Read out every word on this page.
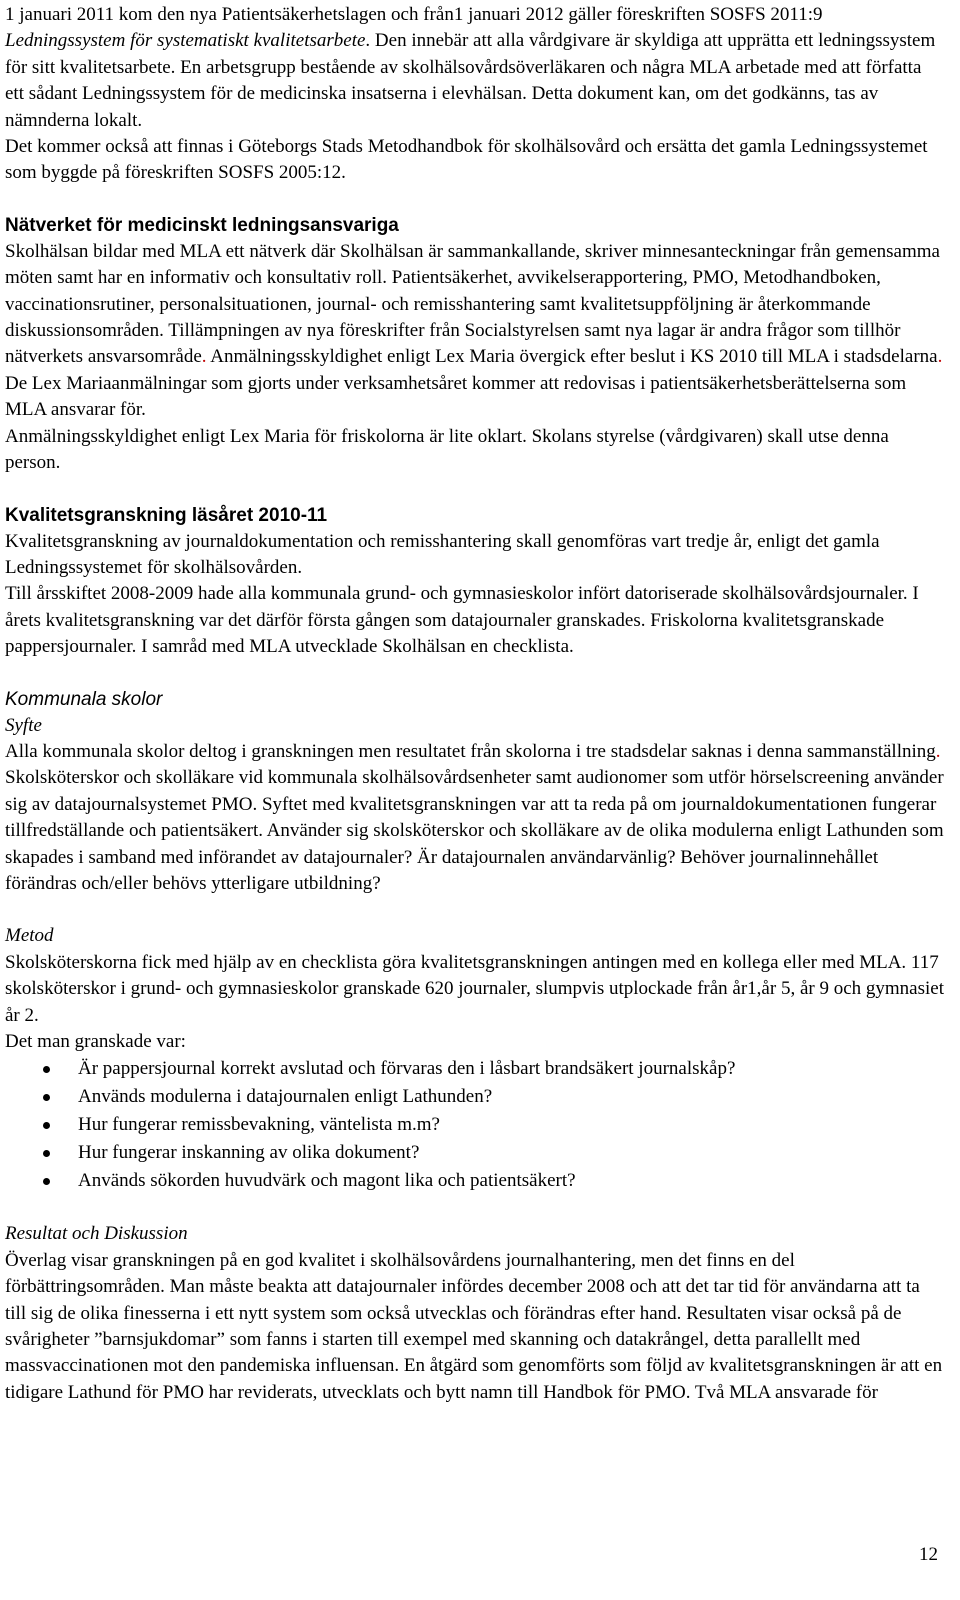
1 januari 2011 kom den nya Patientsäkerhetslagen och från1 januari 2012 gäller föreskriften SOSFS 2011:9 Ledningssystem för systematiskt kvalitetsarbete. Den innebär att alla vårdgivare är skyldiga att upprätta ett ledningssystem för sitt kvalitetsarbete. En arbetsgrupp bestående av skolhälsovårdsöverläkaren och några MLA arbetade med att författa ett sådant Ledningssystem för de medicinska insatserna i elevhälsan. Detta dokument kan, om det godkänns, tas av nämnderna lokalt.

Det kommer också att finnas i Göteborgs Stads Metodhandbok för skolhälsovård och ersätta det gamla Ledningssystemet som byggde på föreskriften SOSFS 2005:12.

Nätverket för medicinskt ledningsansvariga

Skolhälsan bildar med MLA ett nätverk där Skolhälsan är sammankallande, skriver minnesanteckningar från gemensamma möten samt har en informativ och konsultativ roll. Patientsäkerhet, avvikelserapportering, PMO, Metodhandboken, vaccinationsrutiner, personalsituationen, journal- och remisshantering samt kvalitetsuppföljning är återkommande diskussionsområden. Tillämpningen av nya föreskrifter från Socialstyrelsen samt nya lagar är andra frågor som tillhör nätverkets ansvarsområde. Anmälningsskyldighet enligt Lex Maria övergick efter beslut i KS 2010 till MLA i stadsdelarna. De Lex Mariaanmälningar som gjorts under verksamhetsåret kommer att redovisas i patientsäkerhetsberättelserna som MLA ansvarar för.

Anmälningsskyldighet enligt Lex Maria för friskolorna är lite oklart. Skolans styrelse (vårdgivaren) skall utse denna person.

Kvalitetsgranskning läsåret 2010-11

Kvalitetsgranskning av journaldokumentation och remisshantering skall genomföras vart tredje år, enligt det gamla Ledningssystemet för skolhälsovården.

Till årsskiftet 2008-2009 hade alla kommunala grund- och gymnasieskolor infört datoriserade skolhälsovårdsjournaler. I årets kvalitetsgranskning var det därför första gången som datajournaler granskades. Friskolorna kvalitetsgranskade pappersjournaler. I samråd med MLA utvecklade Skolhälsan en checklista.

Kommunala skolor

Syfte

Alla kommunala skolor deltog i granskningen men resultatet från skolorna i tre stadsdelar saknas i denna sammanställning.

Skolsköterskor och skolläkare vid kommunala skolhälsovårdsenheter samt audionomer som utför hörselscreening använder sig av datajournalsystemet PMO. Syftet med kvalitetsgranskningen var att ta reda på om journaldokumentationen fungerar tillfredställande och patientsäkert. Använder sig skolsköterskor och skolläkare av de olika modulerna enligt Lathunden som skapades i samband med införandet av datajournaler? Är datajournalen användarvänlig? Behöver journalinnehållet förändras och/eller behövs ytterligare utbildning?

Metod

Skolsköterskorna fick med hjälp av en checklista göra kvalitetsgranskningen antingen med en kollega eller med MLA. 117 skolsköterskor i grund- och gymnasieskolor granskade 620 journaler, slumpvis utplockade från år1,år 5, år 9 och gymnasiet år 2.

Det man granskade var:

Är pappersjournal korrekt avslutad och förvaras den i låsbart brandsäkert journalskåp?
Används modulerna i datajournalen enligt Lathunden?
Hur fungerar remissbevakning, väntelista m.m?
Hur fungerar inskanning av olika dokument?
Används sökorden huvudvärk och magont lika och patientsäkert?

Resultat och Diskussion

Överlag visar granskningen på en god kvalitet i skolhälsovårdens journalhantering, men det finns en del förbättringsområden. Man måste beakta att datajournaler infördes december 2008 och att det tar tid för användarna att ta till sig de olika finesserna i ett nytt system som också utvecklas och förändras efter hand. Resultaten visar också på de svårigheter ”barnsjukdomar” som fanns i starten till exempel med skanning och datakrångel, detta parallellt med massvaccinationen mot den pandemiska influensan. En åtgärd som genomförts som följd av kvalitetsgranskningen är att en tidigare Lathund för PMO har reviderats, utvecklats och bytt namn till Handbok för PMO. Två MLA ansvarade för

12
